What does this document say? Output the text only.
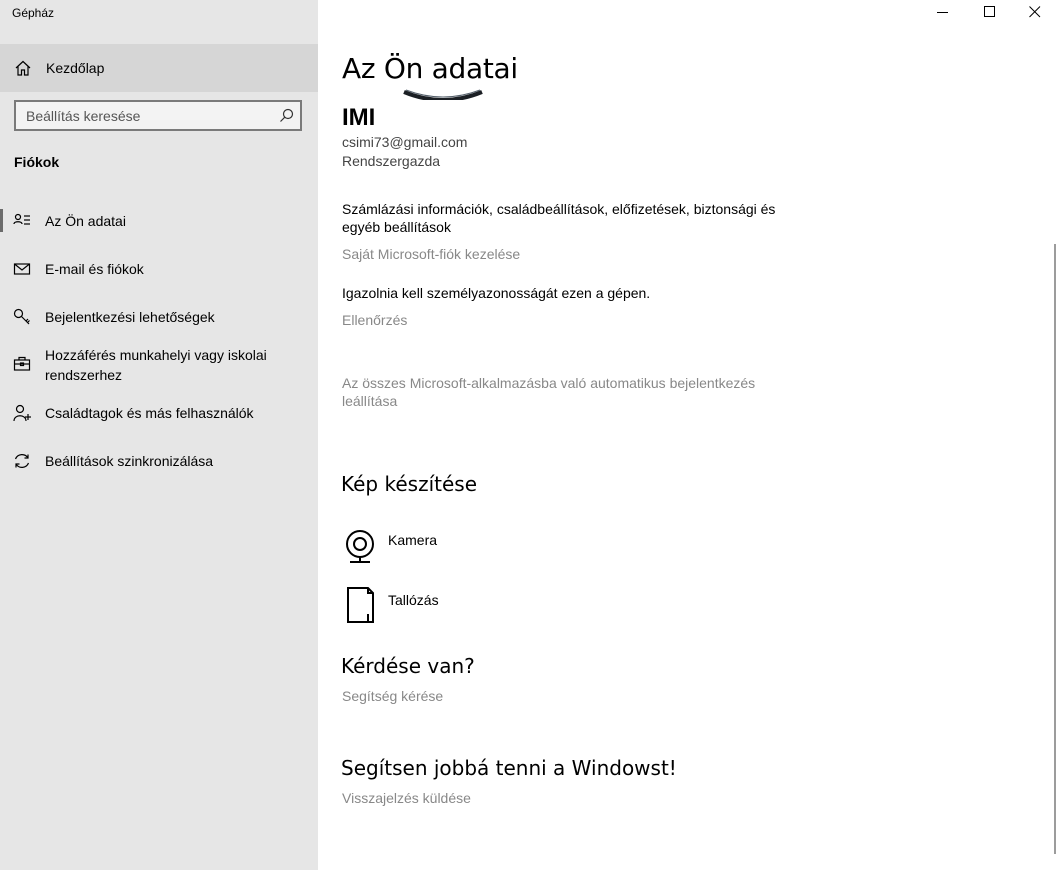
Gépház
Kezdőlap
Beállítás keresése
Fiókok
Az Ön adatai
E-mail és fiókok
Bejelentkezési lehetőségek
Hozzáférés munkahelyi vagy iskolai rendszerhez
Családtagok és más felhasználók
Beállítások szinkronizálása
Az Ön adatai
IMI
csimi73@gmail.com
Rendszergazda
Számlázási információk, családbeállítások, előfizetések, biztonsági és egyéb beállítások
Saját Microsoft-fiók kezelése
Igazolnia kell személyazonosságát ezen a gépen.
Ellenőrzés
Az összes Microsoft-alkalmazásba való automatikus bejelentkezés leállítása
Kép készítése
Kamera
Tallózás
Kérdése van?
Segítség kérése
Segítsen jobbá tenni a Windowst!
Visszajelzés küldése
